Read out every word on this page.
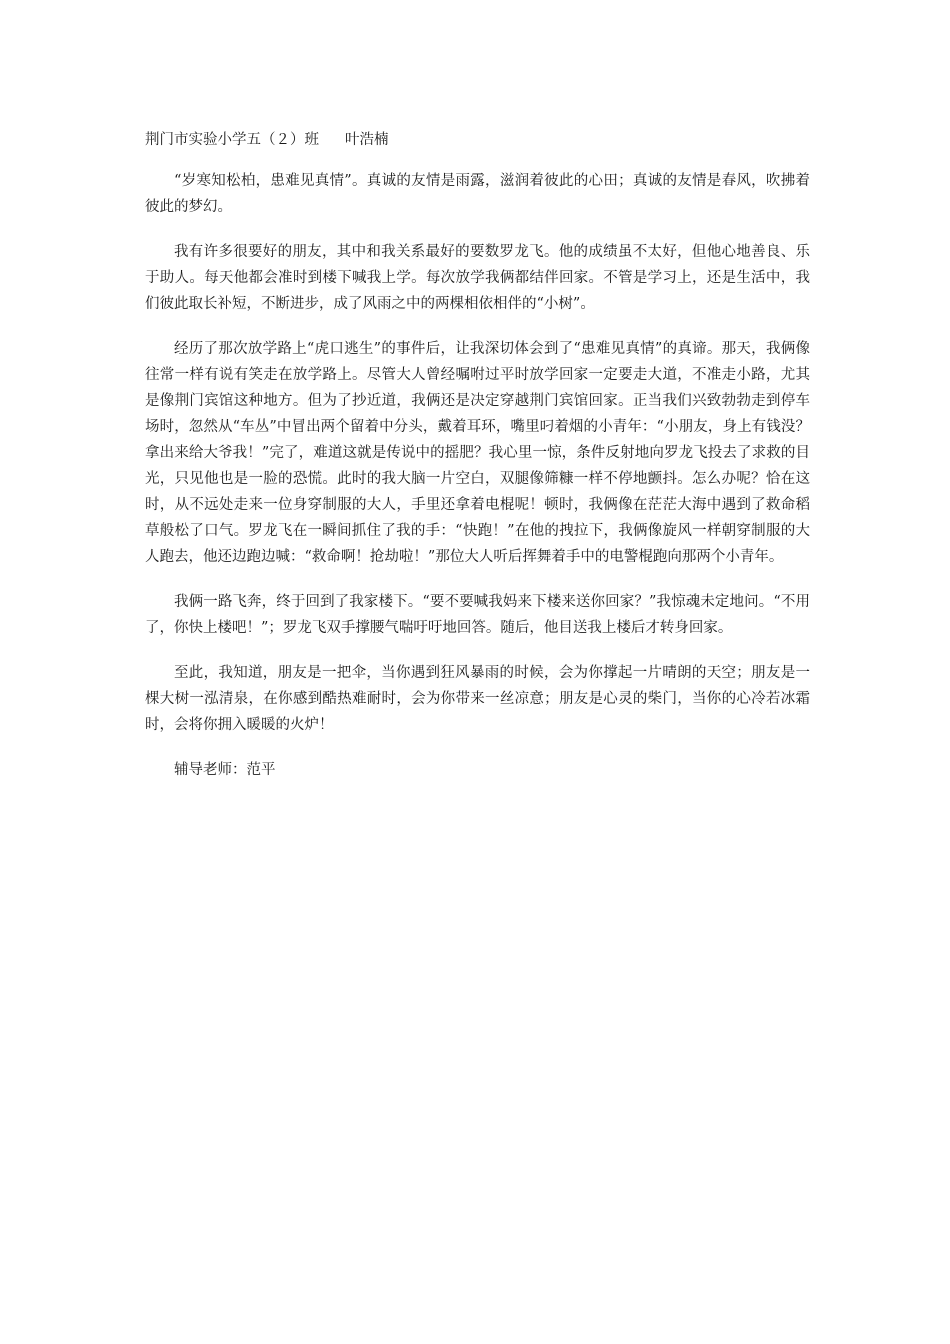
荆门市实验小学五（２）班 叶浩楠

“岁寒知松柏，患难见真情”。真诚的友情是雨露，滋润着彼此的心田；真诚的友情是春风，吹拂着彼此的梦幻。

我有许多很要好的朋友，其中和我关系最好的要数罗龙飞。他的成绩虽不太好，但他心地善良、乐于助人。每天他都会准时到楼下喊我上学。每次放学我俩都结伴回家。不管是学习上，还是生活中，我们彼此取长补短，不断进步，成了风雨之中的两棵相依相伴的“小树”。

经历了那次放学路上“虎口逃生”的事件后，让我深切体会到了“患难见真情”的真谛。那天，我俩像往常一样有说有笑走在放学路上。尽管大人曾经嘱咐过平时放学回家一定要走大道，不准走小路，尤其是像荆门宾馆这种地方。但为了抄近道，我俩还是决定穿越荆门宾馆回家。正当我们兴致勃勃走到停车场时，忽然从“车丛”中冒出两个留着中分头，戴着耳环，嘴里叼着烟的小青年：“小朋友，身上有钱没？拿出来给大爷我！”完了，难道这就是传说中的摇肥？我心里一惊，条件反射地向罗龙飞投去了求救的目光，只见他也是一脸的恐慌。此时的我大脑一片空白，双腿像筛糠一样不停地颤抖。怎么办呢？恰在这时，从不远处走来一位身穿制服的大人，手里还拿着电棍呢！顿时，我俩像在茫茫大海中遇到了救命稻草般松了口气。罗龙飞在一瞬间抓住了我的手：“快跑！”在他的拽拉下，我俩像旋风一样朝穿制服的大人跑去，他还边跑边喊：“救命啊！抢劫啦！”那位大人听后挥舞着手中的电警棍跑向那两个小青年。

我俩一路飞奔，终于回到了我家楼下。“要不要喊我妈来下楼来送你回家？”我惊魂未定地问。“不用了，你快上楼吧！”；罗龙飞双手撑腰气喘吁吁地回答。随后，他目送我上楼后才转身回家。

至此，我知道，朋友是一把伞，当你遇到狂风暴雨的时候，会为你撑起一片晴朗的天空；朋友是一棵大树一泓清泉，在你感到酷热难耐时，会为你带来一丝凉意；朋友是心灵的柴门，当你的心冷若冰霜时，会将你拥入暖暖的火炉！

辅导老师：范平
